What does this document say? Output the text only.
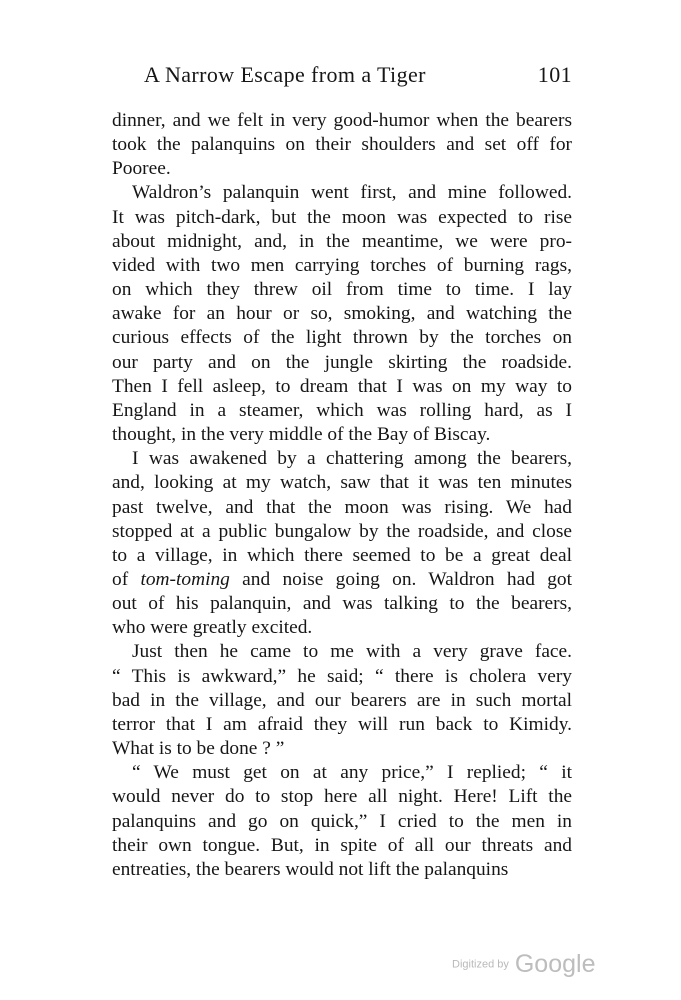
A Narrow Escape from a Tiger	101
dinner, and we felt in very good-humor when the bearers
took the palanquins on their shoulders and set off for
Pooree.
Waldron’s palanquin went first, and mine followed.
It was pitch-dark, but the moon was expected to rise
about midnight, and, in the meantime, we were pro-
vided with two men carrying torches of burning rags,
on which they threw oil from time to time. I lay
awake for an hour or so, smoking, and watching the
curious effects of the light thrown by the torches on
our party and on the jungle skirting the roadside.
Then I fell asleep, to dream that I was on my way to
England in a steamer, which was rolling hard, as I
thought, in the very middle of the Bay of Biscay.
I was awakened by a chattering among the bearers,
and, looking at my watch, saw that it was ten minutes
past twelve, and that the moon was rising. We had
stopped at a public bungalow by the roadside, and close
to a village, in which there seemed to be a great deal
of tom-toming and noise going on. Waldron had got
out of his palanquin, and was talking to the bearers,
who were greatly excited.
Just then he came to me with a very grave face.
“ This is awkward,” he said; “ there is cholera very
bad in the village, and our bearers are in such mortal
terror that I am afraid they will run back to Kimidy.
What is to be done ? ”
“ We must get on at any price,” I replied; “ it
would never do to stop here all night. Here! Lift the
palanquins and go on quick,” I cried to the men in
their own tongue. But, in spite of all our threats and
entreaties, the bearers would not lift the palanquins
Digitized by Google
